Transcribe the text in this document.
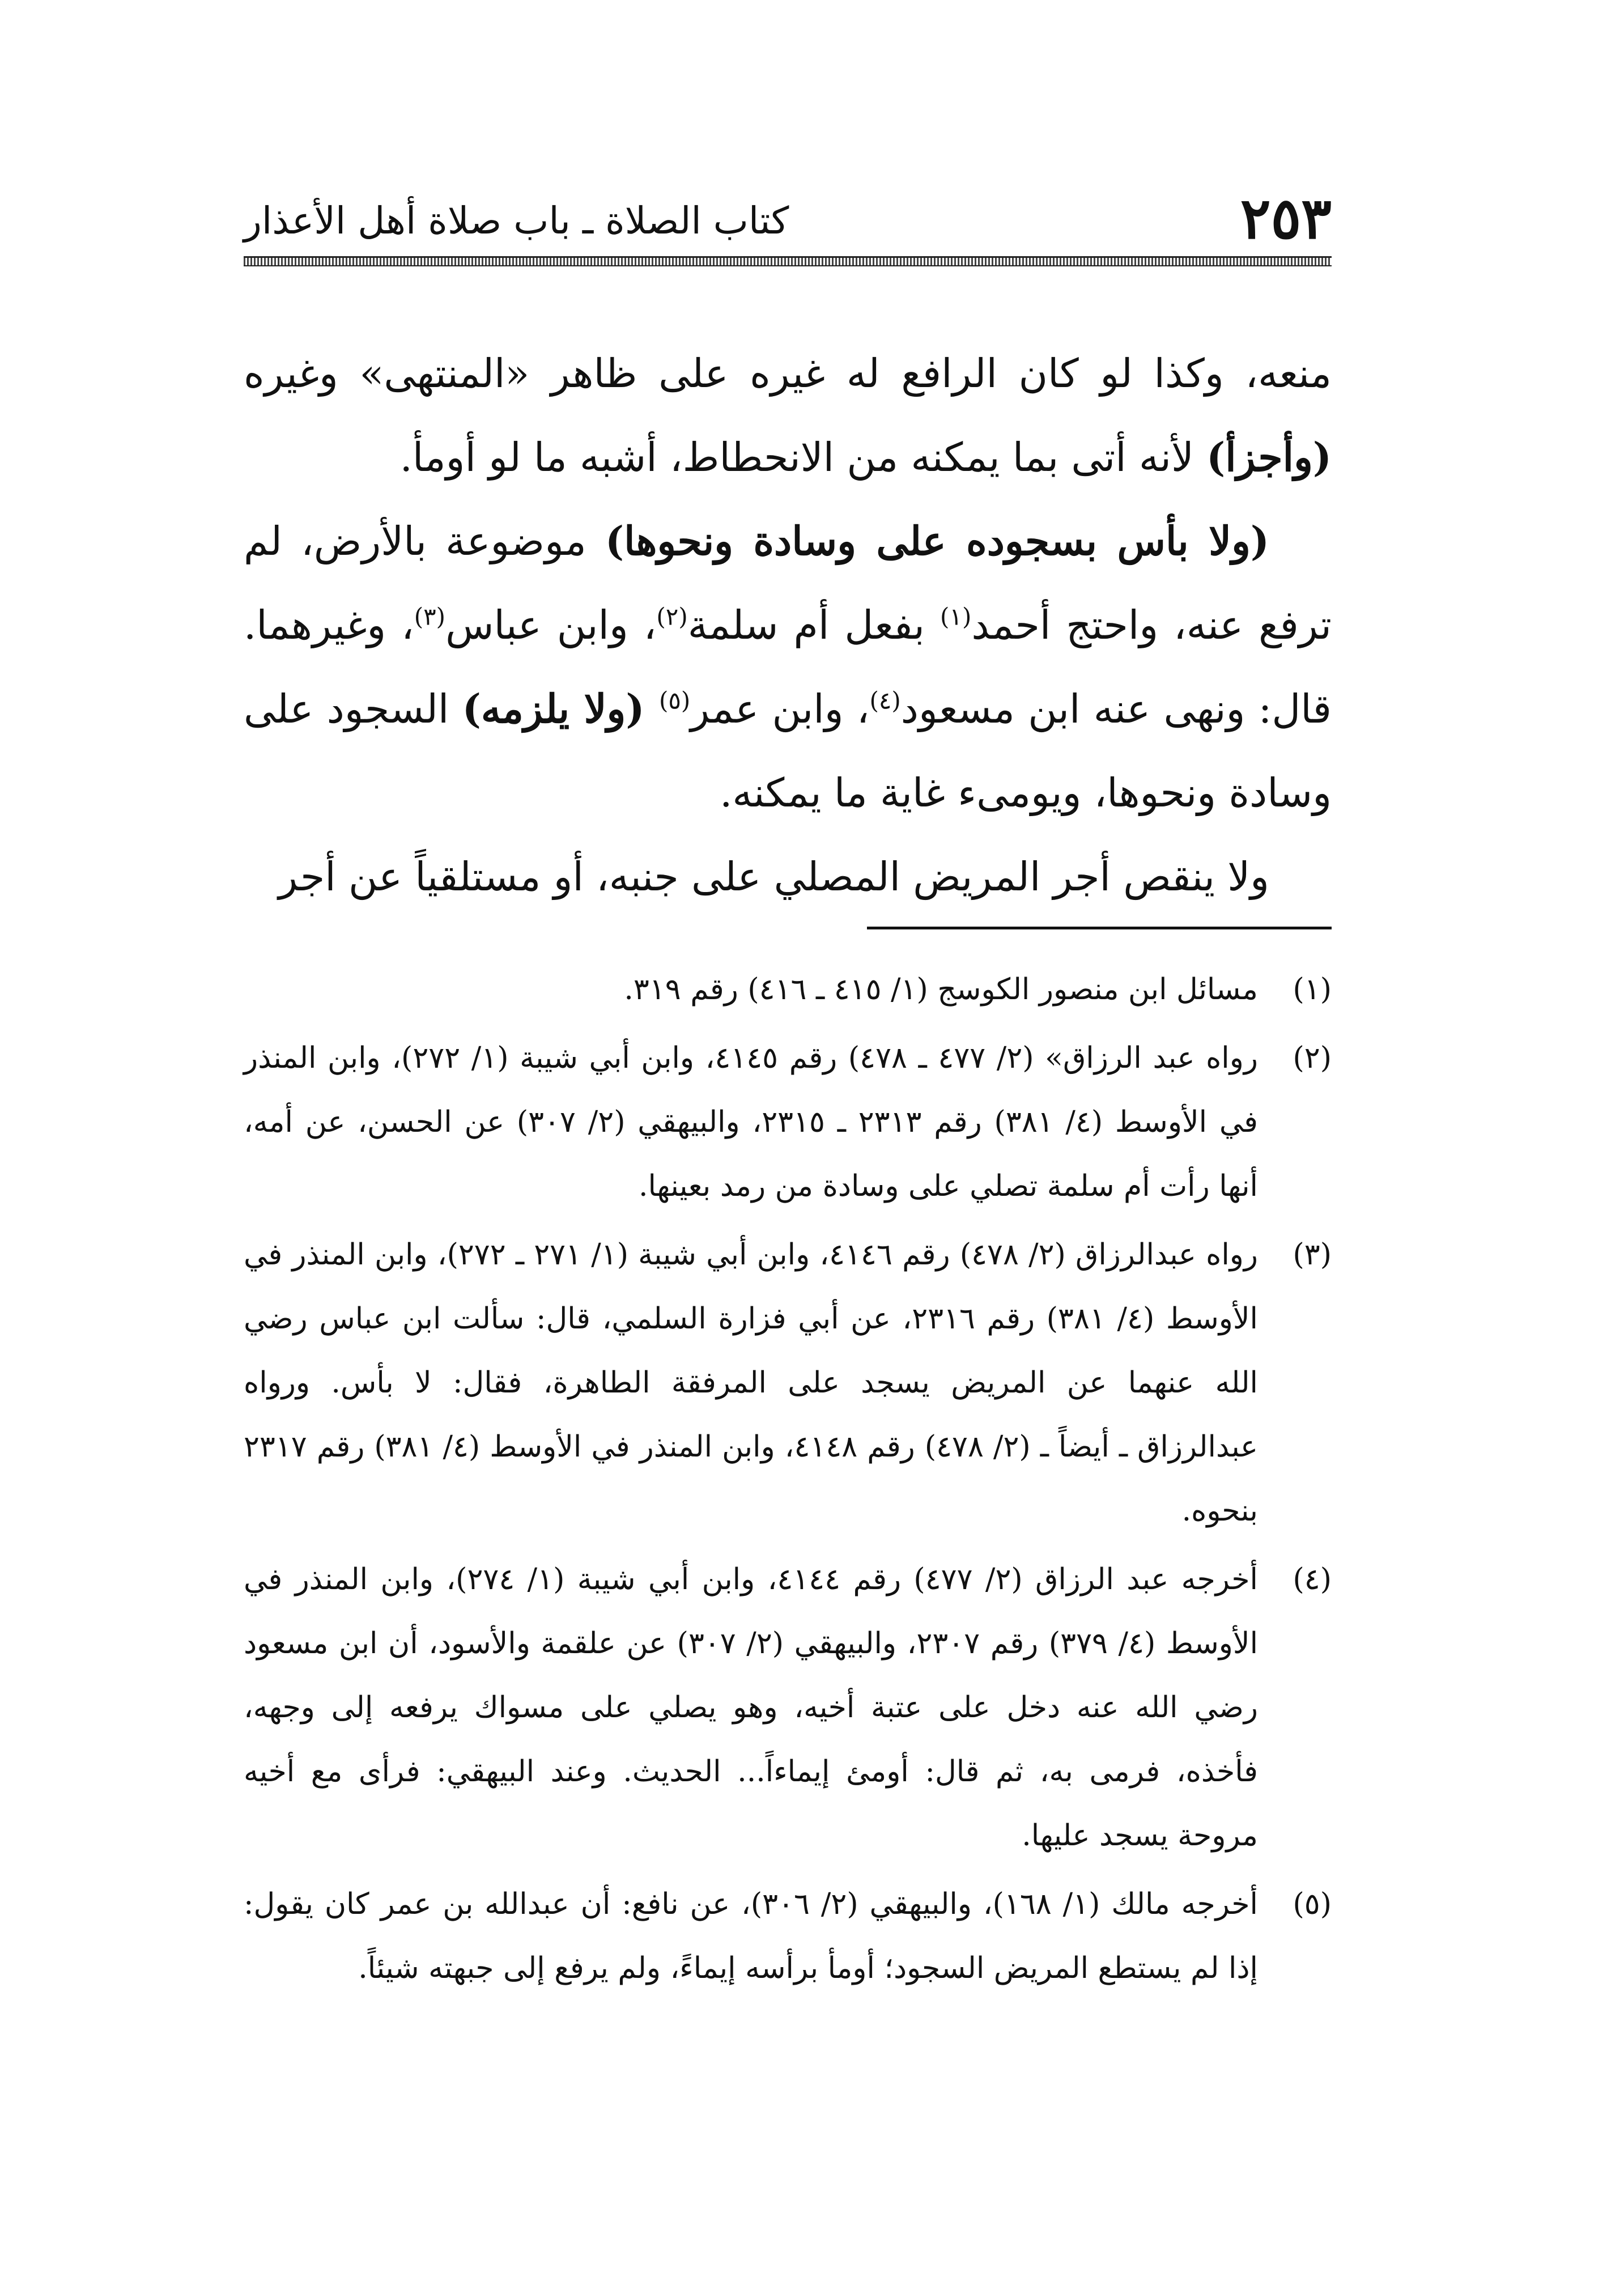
٢٥٣
كتاب الصلاة ـ باب صلاة أهل الأعذار

منعه، وكذا لو كان الرافع له غيره على ظاهر «المنتهى» وغيره (وأجزأ) لأنه أتى بما يمكنه من الانحطاط، أشبه ما لو أومأ.

(ولا بأس بسجوده على وسادة ونحوها) موضوعة بالأرض، لم ترفع عنه، واحتج أحمد$^{(١)}$ بفعل أم سلمة$^{(٢)}$، وابن عباس$^{(٣)}$، وغيرهما. قال: ونهى عنه ابن مسعود$^{(٤)}$، وابن عمر$^{(٥)}$ (ولا يلزمه) السجود على وسادة ونحوها، ويومىء غاية ما يمكنه.

ولا ينقص أجر المريض المصلي على جنبه، أو مستلقياً عن أجر

(١)
مسائل ابن منصور الكوسج (١/ ٤١٥ ـ ٤١٦) رقم ٣١٩.
(٢)
رواه عبد الرزاق» (٢/ ٤٧٧ ـ ٤٧٨) رقم ٤١٤٥، وابن أبي شيبة (١/ ٢٧٢)، وابن المنذر في الأوسط (٤/ ٣٨١) رقم ٢٣١٣ ـ ٢٣١٥، والبيهقي (٢/ ٣٠٧) عن الحسن، عن أمه، أنها رأت أم سلمة تصلي على وسادة من رمد بعينها.
(٣)
رواه عبدالرزاق (٢/ ٤٧٨) رقم ٤١٤٦، وابن أبي شيبة (١/ ٢٧١ ـ ٢٧٢)، وابن المنذر في الأوسط (٤/ ٣٨١) رقم ٢٣١٦، عن أبي فزارة السلمي، قال: سألت ابن عباس رضي الله عنهما عن المريض يسجد على المرفقة الطاهرة، فقال: لا بأس. ورواه عبدالرزاق ـ أيضاً ـ (٢/ ٤٧٨) رقم ٤١٤٨، وابن المنذر في الأوسط (٤/ ٣٨١) رقم ٢٣١٧ بنحوه.
(٤)
أخرجه عبد الرزاق (٢/ ٤٧٧) رقم ٤١٤٤، وابن أبي شيبة (١/ ٢٧٤)، وابن المنذر في الأوسط (٤/ ٣٧٩) رقم ٢٣٠٧، والبيهقي (٢/ ٣٠٧) عن علقمة والأسود، أن ابن مسعود رضي الله عنه دخل على عتبة أخيه، وهو يصلي على مسواك يرفعه إلى وجهه، فأخذه، فرمى به، ثم قال: أومئ إيماءاً... الحديث. وعند البيهقي: فرأى مع أخيه مروحة يسجد عليها.
(٥)
أخرجه مالك (١/ ١٦٨)، والبيهقي (٢/ ٣٠٦)، عن نافع: أن عبدالله بن عمر كان يقول: إذا لم يستطع المريض السجود؛ أومأ برأسه إيماءً، ولم يرفع إلى جبهته شيئاً.
